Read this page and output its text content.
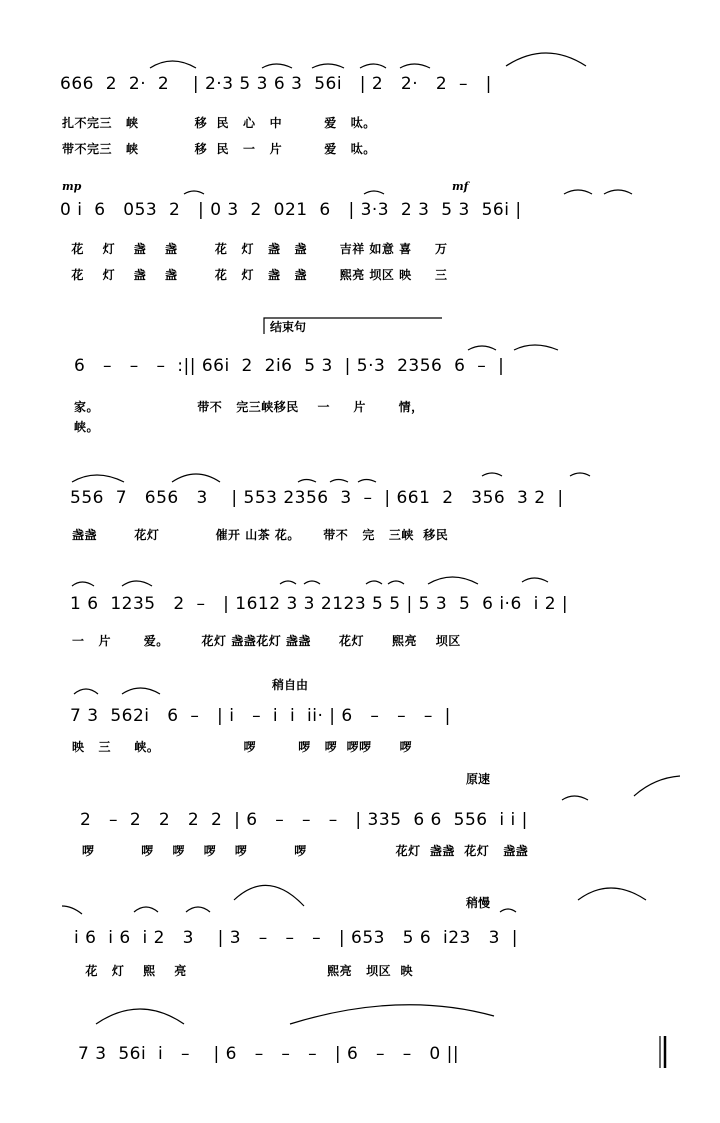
666  2  2·  2    | 2·3 5 3 6 3  56i   | 2   2·   2  –   |
扎不完三   峡            移  民   心   中         爱   呔。
带不完三   峡            移  民   一   片         爱   呔。
mp	mf
0 i  6   053  2   | 0 3  2  021  6   | 3·3  2 3  5 3  56i |
花    灯    盏    盏        花   灯   盏   盏       吉祥 如意 喜     万
花    灯    盏    盏        花   灯   盏   盏       熙亮 坝区 映     三
结束句
6   –   –   –  :|| 66i  2  2i6  5 3  | 5·3  2356  6  –  |
家。                     带不   完三峡移民    一     片       情，
峡。
556  7   656   3    | 553 2356  3  –  | 661  2   356  3 2  |
盏盏        花灯            催开 山茶 花。     带不   完   三峡  移民
1 6  1235   2  –   | 1612 3 3 2123 5 5 | 5 3  5  6 i·6  i 2 |
一   片       爱。       花灯 盏盏花灯 盏盏      花灯      熙亮    坝区
稍自由
7 3  562i   6  –   | i   –  i  i  ii· | 6   –   –   –  |
映   三     峡。                  啰         啰   啰  啰啰      啰
原速
2   –  2   2   2  2  | 6   –   –   –   | 335  6 6  556  i i |
啰          啰    啰    啰    啰          啰                   花灯  盏盏  花灯   盏盏
稍慢
i 6  i 6  i 2   3    | 3   –   –   –   | 653   5 6  i23   3  |
花   灯    熙    亮                              熙亮   坝区  映
7 3  56i  i   –    | 6   –   –   –   | 6   –   –   0 ||
